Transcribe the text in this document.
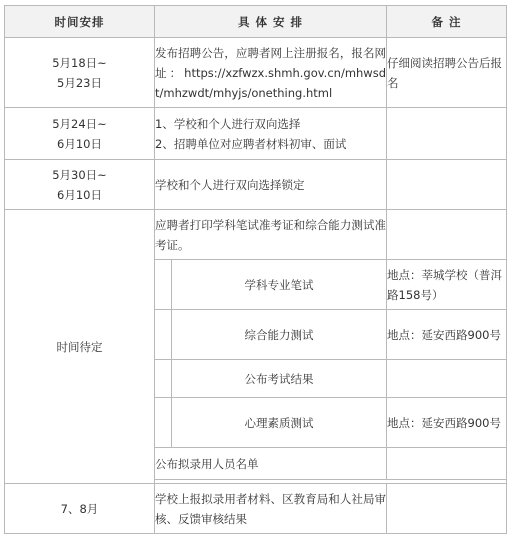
时间安排	具 体 安 排		备 注

5月18日~
5月23日	发布招聘公告，应聘者网上注册报名，报名网址：https://xzfwzx.shmh.gov.cn/mhwsdt/mhzwdt/mhyjs/onething.html		仔细阅读招聘公告后报名

5月24日~
6月10日	1、学校和个人进行双向选择
2、招聘单位对应聘者材料初审、面试		

5月30日~
6月10日	学校和个人进行双向选择锁定		
时间待定	应聘者打印学科笔试准考证和综合能力测试准考证。		
		学科专业笔试	地点：莘城学校（普洱路158号）
		综合能力测试	地点：延安西路900号
		公布考试结果	
		心理素质测试	地点：延安西路900号
	公布拟录用人员名单		

7、8月	学校上报拟录用者材料、区教育局和人社局审核、反馈审核结果		
